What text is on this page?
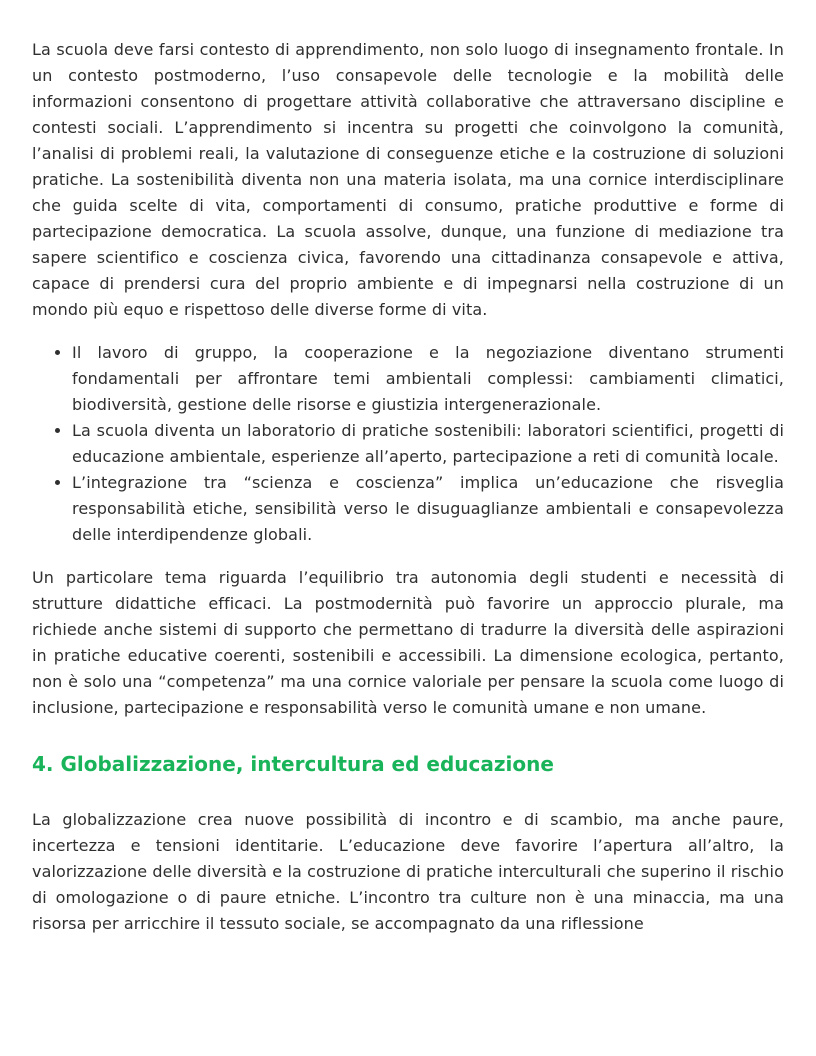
La scuola deve farsi contesto di apprendimento, non solo luogo di insegnamento frontale. In un contesto postmoderno, l’uso consapevole delle tecnologie e la mobilità delle informazioni consentono di progettare attività collaborative che attraversano discipline e contesti sociali. L’apprendimento si incentra su progetti che coinvolgono la comunità, l’analisi di problemi reali, la valutazione di conseguenze etiche e la costruzione di soluzioni pratiche. La sostenibilità diventa non una materia isolata, ma una cornice interdisciplinare che guida scelte di vita, comportamenti di consumo, pratiche produttive e forme di partecipazione democratica. La scuola assolve, dunque, una funzione di mediazione tra sapere scientifico e coscienza civica, favorendo una cittadinanza consapevole e attiva, capace di prendersi cura del proprio ambiente e di impegnarsi nella costruzione di un mondo più equo e rispettoso delle diverse forme di vita.

• Il lavoro di gruppo, la cooperazione e la negoziazione diventano strumenti fondamentali per affrontare temi ambientali complessi: cambiamenti climatici, biodiversità, gestione delle risorse e giustizia intergenerazionale.
• La scuola diventa un laboratorio di pratiche sostenibili: laboratori scientifici, progetti di educazione ambientale, esperienze all’aperto, partecipazione a reti di comunità locale.
• L’integrazione tra “scienza e coscienza” implica un’educazione che risveglia responsabilità etiche, sensibilità verso le disuguaglianze ambientali e consapevolezza delle interdipendenze globali.

Un particolare tema riguarda l’equilibrio tra autonomia degli studenti e necessità di strutture didattiche efficaci. La postmodernità può favorire un approccio plurale, ma richiede anche sistemi di supporto che permettano di tradurre la diversità delle aspirazioni in pratiche educative coerenti, sostenibili e accessibili. La dimensione ecologica, pertanto, non è solo una “competenza” ma una cornice valoriale per pensare la scuola come luogo di inclusione, partecipazione e responsabilità verso le comunità umane e non umane.

4. Globalizzazione, intercultura ed educazione

La globalizzazione crea nuove possibilità di incontro e di scambio, ma anche paure, incertezza e tensioni identitarie. L’educazione deve favorire l’apertura all’altro, la valorizzazione delle diversità e la costruzione di pratiche interculturali che superino il rischio di omologazione o di paure etniche. L’incontro tra culture non è una minaccia, ma una risorsa per arricchire il tessuto sociale, se accompagnato da una riflessione
